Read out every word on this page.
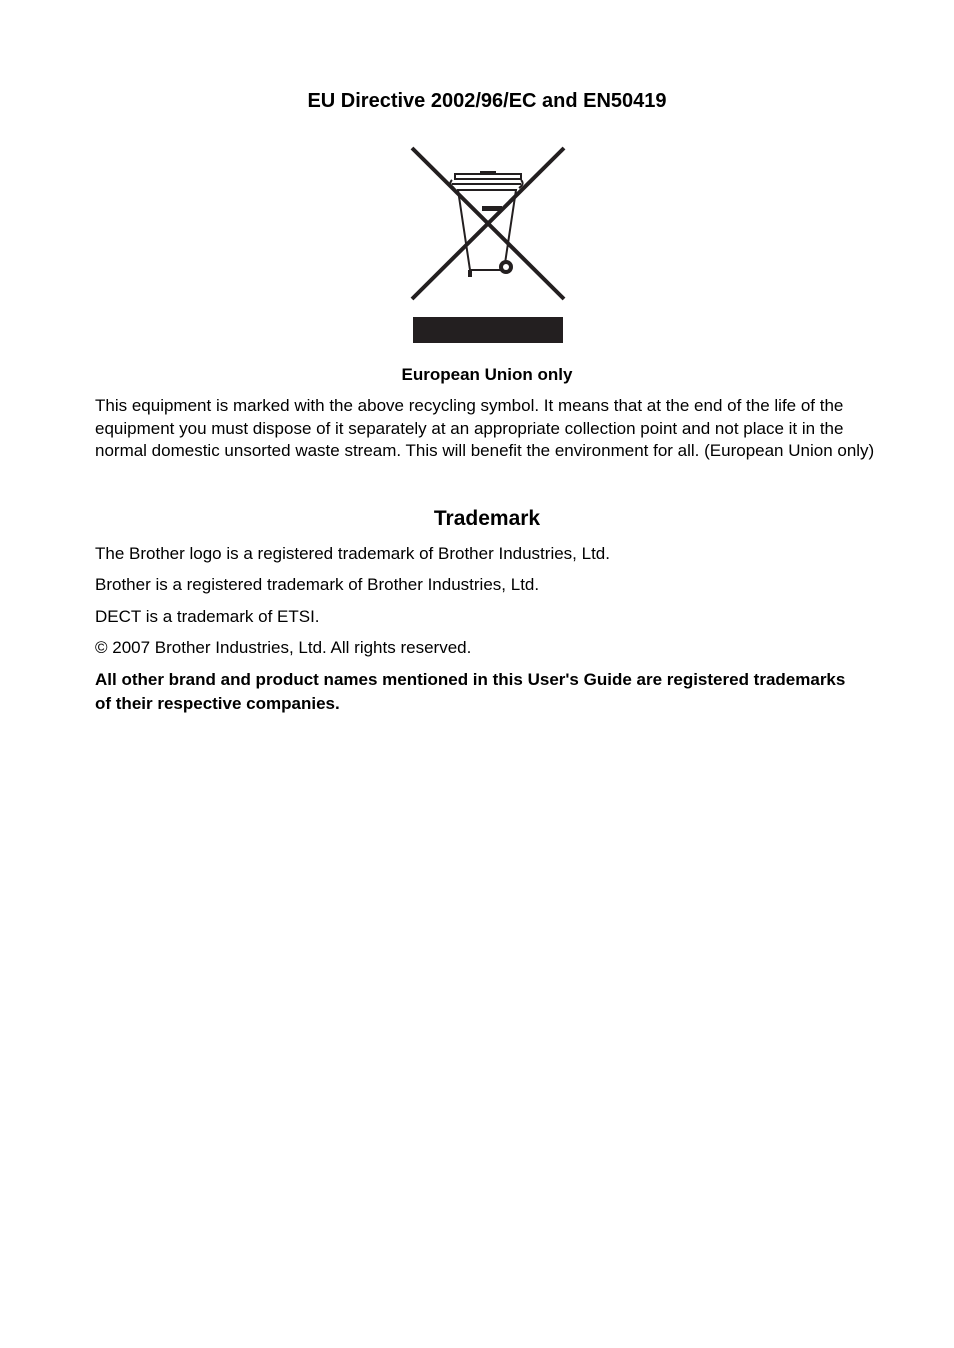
EU Directive 2002/96/EC and EN50419
European Union only
This equipment is marked with the above recycling symbol. It means that at the end of the life of the equipment you must dispose of it separately at an appropriate collection point and not place it in the normal domestic unsorted waste stream. This will benefit the environment for all. (European Union only)
Trademark
The Brother logo is a registered trademark of Brother Industries, Ltd.
Brother is a registered trademark of Brother Industries, Ltd.
DECT is a trademark of ETSI.
© 2007 Brother Industries, Ltd. All rights reserved.
All other brand and product names mentioned in this User's Guide are registered trademarks of their respective companies.
